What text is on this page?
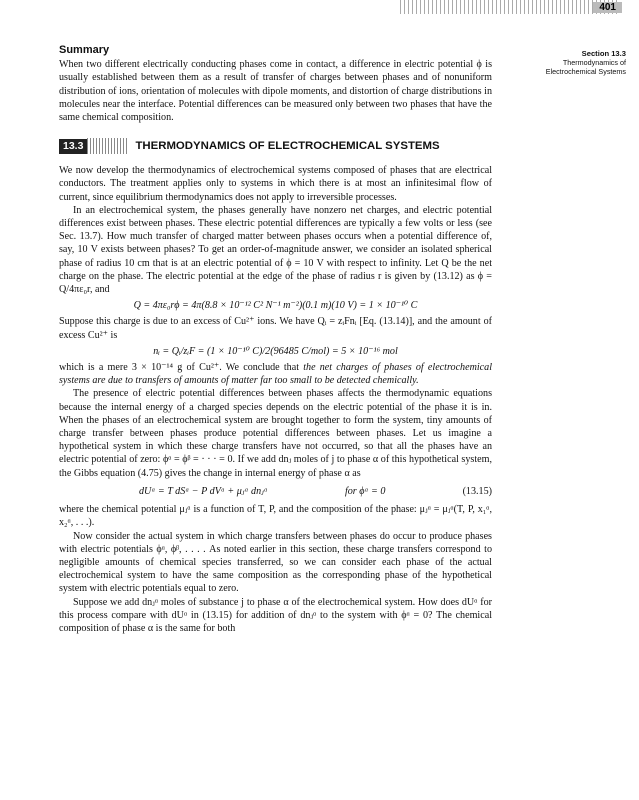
401
Section 13.3
Thermodynamics of
Electrochemical Systems
Summary

When two different electrically conducting phases come in contact, a difference in electric potential ϕ is usually established between them as a result of transfer of charges between phases and of nonuniform distribution of ions, orientation of molecules with dipole moments, and distortion of charge distributions in molecules near the interface. Potential differences can be measured only between two phases that have the same chemical composition.

13.3	THERMODYNAMICS OF ELECTROCHEMICAL SYSTEMS

We now develop the thermodynamics of electrochemical systems composed of phases that are electrical conductors. The treatment applies only to systems in which there is at most an infinitesimal flow of current, since equilibrium thermodynamics does not apply to irreversible processes.

In an electrochemical system, the phases generally have nonzero net charges, and electric potential differences exist between phases. These electric potential differences are typically a few volts or less (see Sec. 13.7). How much transfer of charged matter between phases occurs when a potential difference of, say, 10 V exists between phases? To get an order-of-magnitude answer, we consider an isolated spherical phase of radius 10 cm that is at an electric potential of ϕ = 10 V with respect to infinity. Let Q be the net charge on the phase. The electric potential at the edge of the phase of radius r is given by (13.12) as ϕ = Q/4πε₀r, and

Q = 4πε₀rϕ = 4π(8.8 × 10⁻¹² C² N⁻¹ m⁻²)(0.1 m)(10 V) = 1 × 10⁻¹⁰ C

Suppose this charge is due to an excess of Cu²⁺ ions. We have Qᵢ = zᵢFnᵢ [Eq. (13.14)], and the amount of excess Cu²⁺ is

nᵢ = Qᵢ/zᵢF = (1 × 10⁻¹⁰ C)/2(96485 C/mol) = 5 × 10⁻¹⁶ mol

which is a mere 3 × 10⁻¹⁴ g of Cu²⁺. We conclude that the net charges of phases of electrochemical systems are due to transfers of amounts of matter far too small to be detected chemically.

The presence of electric potential differences between phases affects the thermodynamic equations because the internal energy of a charged species depends on the electric potential of the phase it is in. When the phases of an electrochemical system are brought together to form the system, tiny amounts of charge transfer between phases produce potential differences between phases. Let us imagine a hypothetical system in which these charge transfers have not occurred, so that all the phases have an electric potential of zero: ϕᵅ = ϕᵝ = · · · = 0. If we add dnⱼ moles of j to phase α of this hypothetical system, the Gibbs equation (4.75) gives the change in internal energy of phase α as

dUᵅ = T dSᵅ − P dVᵅ + μⱼᵅ dnⱼᵅ	for ϕᵅ = 0	(13.15)

where the chemical potential μⱼᵅ is a function of T, P, and the composition of the phase: μⱼᵅ = μⱼᵅ(T, P, x₁ᵅ, x₂ᵅ, . . .).

Now consider the actual system in which charge transfers between phases do occur to produce phases with electric potentials ϕᵅ, ϕᵝ, . . . . As noted earlier in this section, these charge transfers correspond to negligible amounts of chemical species transferred, so we can consider each phase of the actual electrochemical system to have the same composition as the corresponding phase of the hypothetical system with electric potentials equal to zero.

Suppose we add dnⱼᵅ moles of substance j to phase α of the electrochemical system. How does dUᵅ for this process compare with dUᵅ in (13.15) for addition of dnⱼᵅ to the system with ϕᵅ = 0? The chemical composition of phase α is the same for both
